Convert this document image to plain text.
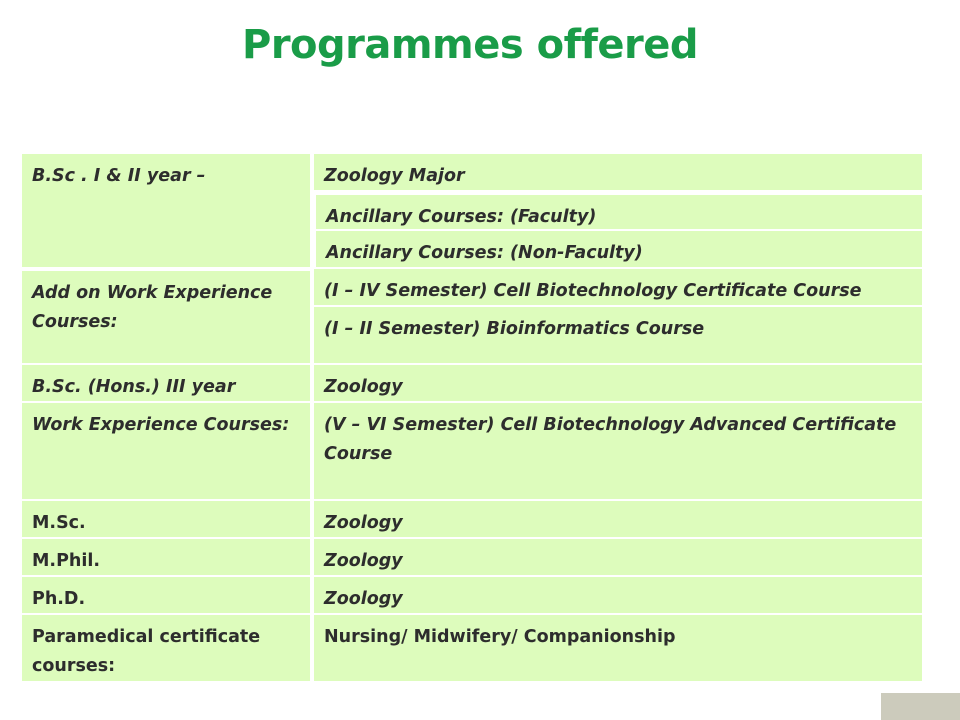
Programmes offered
B.Sc . I & II year –
Add on Work Experience Courses:
B.Sc. (Hons.) III year
Work Experience Courses:
M.Sc.
M.Phil.
Ph.D.
Paramedical certificate courses:
Zoology Major
Ancillary Courses: (Faculty)
Ancillary Courses: (Non-Faculty)
(I – IV Semester) Cell Biotechnology Certificate Course
(I – II Semester) Bioinformatics Course
Zoology
(V – VI Semester) Cell Biotechnology Advanced Certificate Course
Zoology
Zoology
Zoology
Nursing/ Midwifery/ Companionship
